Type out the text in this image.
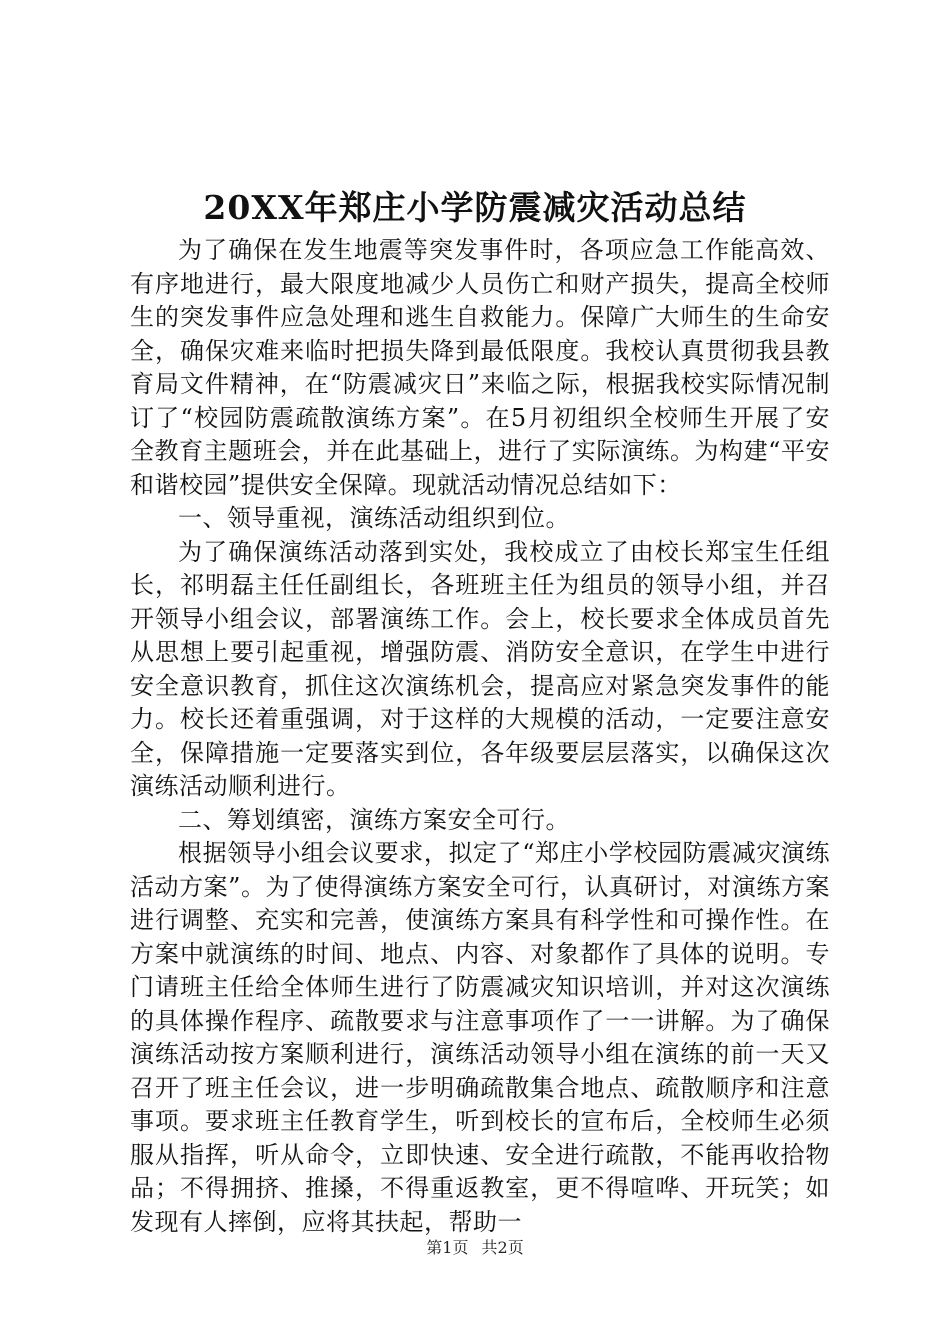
20XX年郑庄小学防震减灾活动总结

为了确保在发生地震等突发事件时，各项应急工作能高效、有序地进行，最大限度地减少人员伤亡和财产损失，提高全校师生的突发事件应急处理和逃生自救能力。保障广大师生的生命安全，确保灾难来临时把损失降到最低限度。我校认真贯彻我县教育局文件精神，在“防震减灾日”来临之际，根据我校实际情况制订了“校园防震疏散演练方案”。在5月初组织全校师生开展了安全教育主题班会，并在此基础上，进行了实际演练。为构建“平安和谐校园”提供安全保障。现就活动情况总结如下：

一、领导重视，演练活动组织到位。

为了确保演练活动落到实处，我校成立了由校长郑宝生任组长，祁明磊主任任副组长，各班班主任为组员的领导小组，并召开领导小组会议，部署演练工作。会上，校长要求全体成员首先从思想上要引起重视，增强防震、消防安全意识，在学生中进行安全意识教育，抓住这次演练机会，提高应对紧急突发事件的能力。校长还着重强调，对于这样的大规模的活动，一定要注意安全，保障措施一定要落实到位，各年级要层层落实，以确保这次演练活动顺利进行。

二、筹划缜密，演练方案安全可行。

根据领导小组会议要求，拟定了“郑庄小学校园防震减灾演练活动方案”。为了使得演练方案安全可行，认真研讨，对演练方案进行调整、充实和完善，使演练方案具有科学性和可操作性。在方案中就演练的时间、地点、内容、对象都作了具体的说明。专门请班主任给全体师生进行了防震减灾知识培训，并对这次演练的具体操作程序、疏散要求与注意事项作了一一讲解。为了确保演练活动按方案顺利进行，演练活动领导小组在演练的前一天又召开了班主任会议，进一步明确疏散集合地点、疏散顺序和注意事项。要求班主任教育学生，听到校长的宣布后，全校师生必须服从指挥，听从命令，立即快速、安全进行疏散，不能再收拾物品；不得拥挤、推搡，不得重返教室，更不得喧哗、开玩笑；如发现有人摔倒，应将其扶起，帮助一

第1页 共2页
